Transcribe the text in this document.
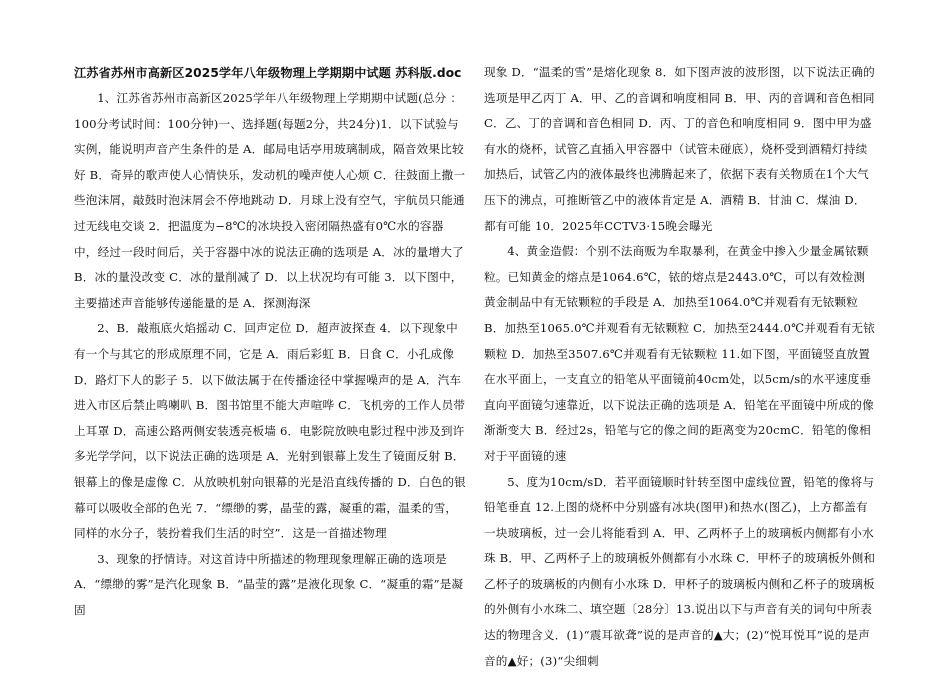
江苏省苏州市高新区2025学年八年级物理上学期期中试题 苏科版.doc

1、江苏省苏州市高新区2025学年八年级物理上学期期中试题(总分 ：100分考试时间：100分钟)一、选择题(每题2分，共24分)1．以下试验与实例，能说明声音产生条件的是 A．邮局电话亭用玻璃制成，隔音效果比较好 B．奇异的歌声使人心情快乐，发动机的噪声使人心烦 C．往鼓面上撒一些泡沫屑，敲鼓时泡沫屑会不停地跳动 D．月球上没有空气，宇航员只能通过无线电交谈 2．把温度为−8℃的冰块投入密闭隔热盛有0℃水的容器中，经过一段时间后，关于容器中冰的说法正确的选项是 A．冰的量增大了 B．冰的量没改变 C．冰的量削减了 D．以上状况均有可能 3．以下图中，主要描述声音能够传递能量的是 A．探测海深

2、B．敲瓶底火焰摇动 C．回声定位 D．超声波探查 4．以下现象中有一个与其它的形成原理不同，它是 A．雨后彩虹 B．日食 C．小孔成像 D．路灯下人的影子 5．以下做法属于在传播途径中掌握噪声的是 A．汽车进入市区后禁止鸣喇叭 B．图书馆里不能大声喧哗 C．飞机旁的工作人员带上耳罩 D．高速公路两侧安装透亮板墙 6．电影院放映电影过程中涉及到许多光学学问，以下说法正确的选项是 A．光射到银幕上发生了镜面反射 B．银幕上的像是虚像 C．从放映机射向银幕的光是沿直线传播的 D．白色的银幕可以吸收全部的色光 7．“缥缈的雾，晶莹的露，凝重的霜，温柔的雪，同样的水分子，装扮着我们生活的时空”．这是一首描述物理

3、现象的抒情诗。对这首诗中所描述的物理现象理解正确的选项是 A．“缥缈的雾”是汽化现象 B．“晶莹的露”是液化现象 C．“凝重的霜”是凝固

现象 D．“温柔的雪”是熔化现象 8．如下图声波的波形图，以下说法正确的选项是甲乙丙丁 A．甲、乙的音调和响度相同 B．甲、丙的音调和音色相同 C．乙、丁的音调和音色相同 D．丙、丁的音色和响度相同 9．图中甲为盛有水的烧杯，试管乙直插入甲容器中（试管未碰底），烧杯受到酒精灯持续加热后，试管乙内的液体最终也沸腾起来了，依据下表有关物质在1个大气压下的沸点，可推断管乙中的液体肯定是 A．酒精 B．甘油 C．煤油 D．都有可能 10．2025年CCTV3·15晚会曝光

4、黄金造假：个别不法商贩为牟取暴利，在黄金中掺入少量金属铱颗粒。已知黄金的熔点是1064.6℃，铱的熔点是2443.0℃，可以有效检测黄金制品中有无铱颗粒的手段是 A．加热至1064.0℃并观看有无铱颗粒 B．加热至1065.0℃并观看有无铱颗粒 C．加热至2444.0℃并观看有无铱颗粒 D．加热至3507.6℃并观看有无铱颗粒 11.如下图，平面镜竖直放置在水平面上，一支直立的铅笔从平面镜前40cm处，以5cm/s的水平速度垂直向平面镜匀速靠近，以下说法正确的选项是 A．铅笔在平面镜中所成的像渐渐变大 B．经过2s，铅笔与它的像之间的距离变为20cmC．铅笔的像相对于平面镜的速

5、度为10cm/sD．若平面镜顺时针转至图中虚线位置，铅笔的像将与铅笔垂直 12.上图的烧杯中分别盛有冰块(图甲)和热水(图乙)，上方都盖有一块玻璃板，过一会儿将能看到 A．甲、乙两杯子上的玻璃板内侧都有小水珠 B．甲、乙两杯子上的玻璃板外侧都有小水珠 C．甲杯子的玻璃板外侧和乙杯子的玻璃板的内侧有小水珠 D．甲杯子的玻璃板内侧和乙杯子的玻璃板的外侧有小水珠二、填空题〔28分〕13.说出以下与声音有关的词句中所表达的物理含义．(1)“震耳欲聋”说的是声音的▲大；(2)“悦耳悦耳”说的是声音的▲好；(3)“尖细刺
